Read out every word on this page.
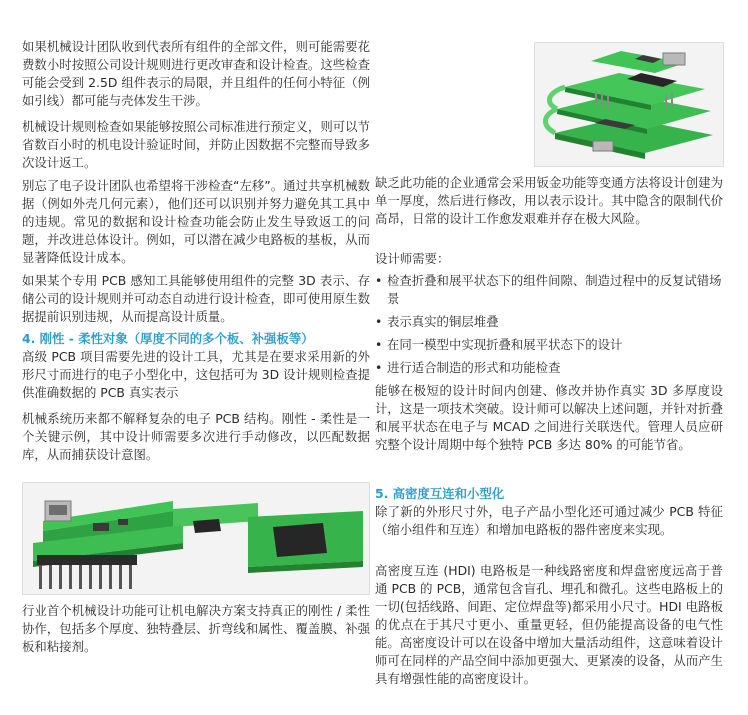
如果机械设计团队收到代表所有组件的全部文件，则可能需要花费数小时按照公司设计规则进行更改审查和设计检查。这些检查可能会受到 2.5D 组件表示的局限，并且组件的任何小特征（例如引线）都可能与壳体发生干涉。

机械设计规则检查如果能够按照公司标准进行预定义，则可以节省数百小时的机电设计验证时间，并防止因数据不完整而导致多次设计返工。

别忘了电子设计团队也希望将干涉检查“左移”。通过共享机械数据（例如外壳几何元素），他们还可以识别并努力避免其工具中的违规。常见的数据和设计检查功能会防止发生导致返工的问题，并改进总体设计。例如，可以潜在减少电路板的基板，从而显著降低设计成本。

如果某个专用 PCB 感知工具能够使用组件的完整 3D 表示、存储公司的设计规则并可动态自动进行设计检查，即可使用原生数据提前识别违规，从而提高设计质量。

4. 刚性 - 柔性对象（厚度不同的多个板、补强板等）

高级 PCB 项目需要先进的设计工具，尤其是在要求采用新的外形尺寸而进行的电子小型化中，这包括可为 3D 设计规则检查提供准确数据的 PCB 真实表示

机械系统历来都不解释复杂的电子 PCB 结构。刚性 - 柔性是一个关键示例，其中设计师需要多次进行手动修改，以匹配数据库，从而捕获设计意图。

行业首个机械设计功能可让机电解决方案支持真正的刚性 / 柔性协作，包括多个厚度、独特叠层、折弯线和属性、覆盖膜、补强板和粘接剂。

缺乏此功能的企业通常会采用钣金功能等变通方法将设计创建为单一厚度，然后进行修改，用以表示设计。其中隐含的限制代价高昂，日常的设计工作愈发艰难并存在极大风险。

设计师需要：

• 检查折叠和展平状态下的组件间隙、制造过程中的反复试错场景
• 表示真实的铜层堆叠
• 在同一模型中实现折叠和展平状态下的设计
• 进行适合制造的形式和功能检查

能够在极短的设计时间内创建、修改并协作真实 3D 多厚度设计，这是一项技术突破。设计师可以解决上述问题，并针对折叠和展平状态在电子与 MCAD 之间进行关联迭代。管理人员应研究整个设计周期中每个独特 PCB 多达 80% 的可能节省。

5. 高密度互连和小型化

除了新的外形尺寸外，电子产品小型化还可通过减少 PCB 特征（缩小组件和互连）和增加电路板的器件密度来实现。

高密度互连 (HDI) 电路板是一种线路密度和焊盘密度远高于普通 PCB 的 PCB，通常包含盲孔、埋孔和微孔。这些电路板上的一切(包括线路、间距、定位焊盘等)都采用小尺寸。HDI 电路板的优点在于其尺寸更小、重量更轻，但仍能提高设备的电气性能。高密度设计可以在设备中增加大量活动组件，这意味着设计师可在同样的产品空间中添加更强大、更紧凑的设备，从而产生具有增强性能的高密度设计。
